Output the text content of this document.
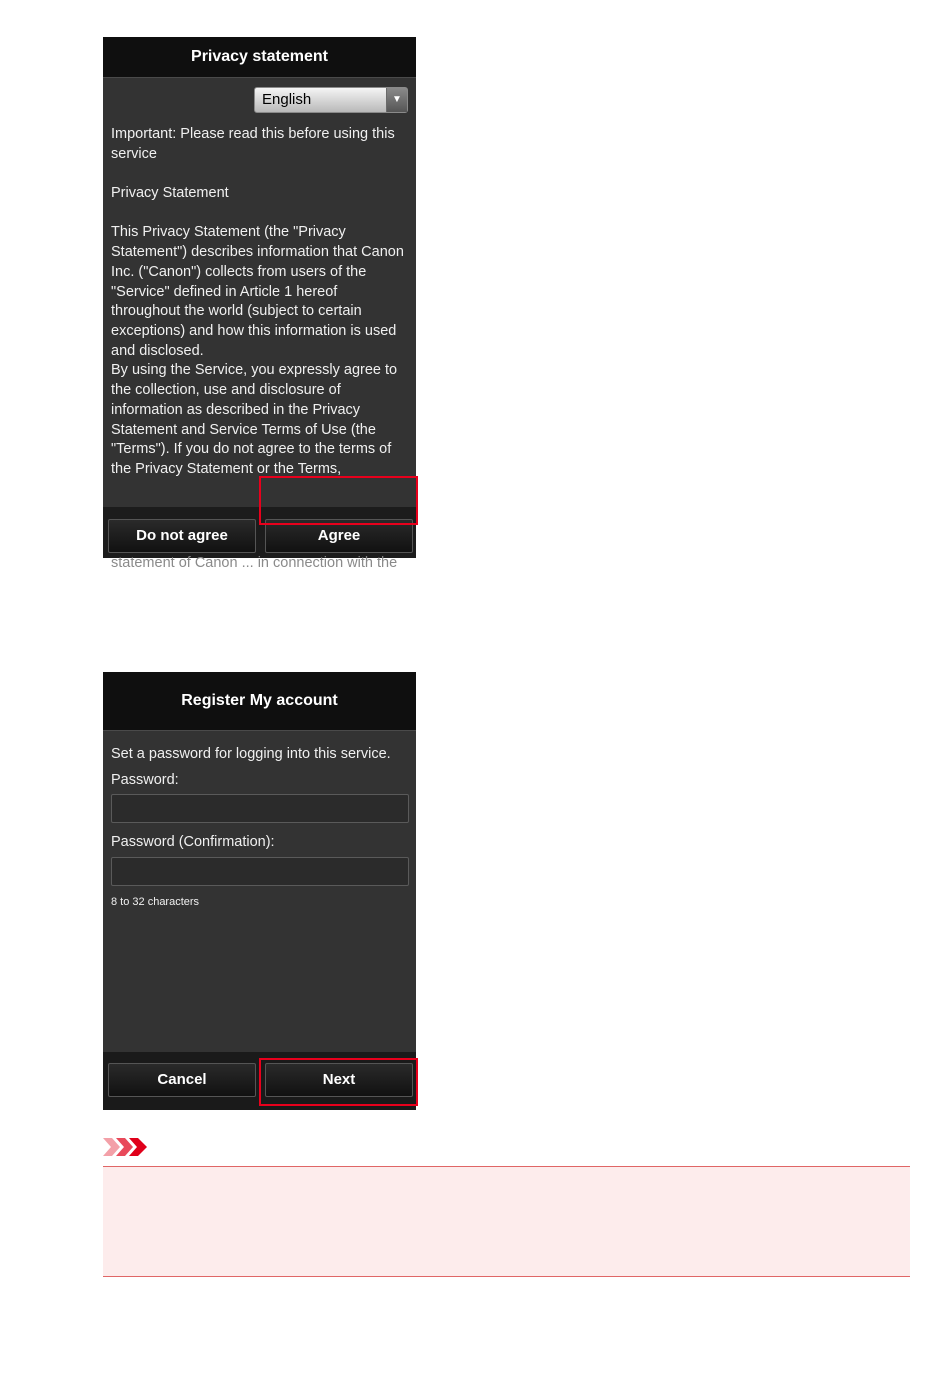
Privacy statement
English	▼

Important: Please read this before using this service

Privacy Statement

This Privacy Statement (the "Privacy Statement") describes information that Canon Inc. ("Canon") collects from users of the "Service" defined in Article 1 hereof throughout the world (subject to certain exceptions) and how this information is used and disclosed.

By using the Service, you expressly agree to the collection, use and disclosure of information as described in the Privacy Statement and Service Terms of Use (the "Terms"). If you do not agree to the terms of the Privacy Statement or the Terms,

statement of Canon ... in connection with the
Do not agree	Agree
Register My account
Set a password for logging into this service.
Password:
Password (Confirmation):
8 to 32 characters
Cancel	Next
